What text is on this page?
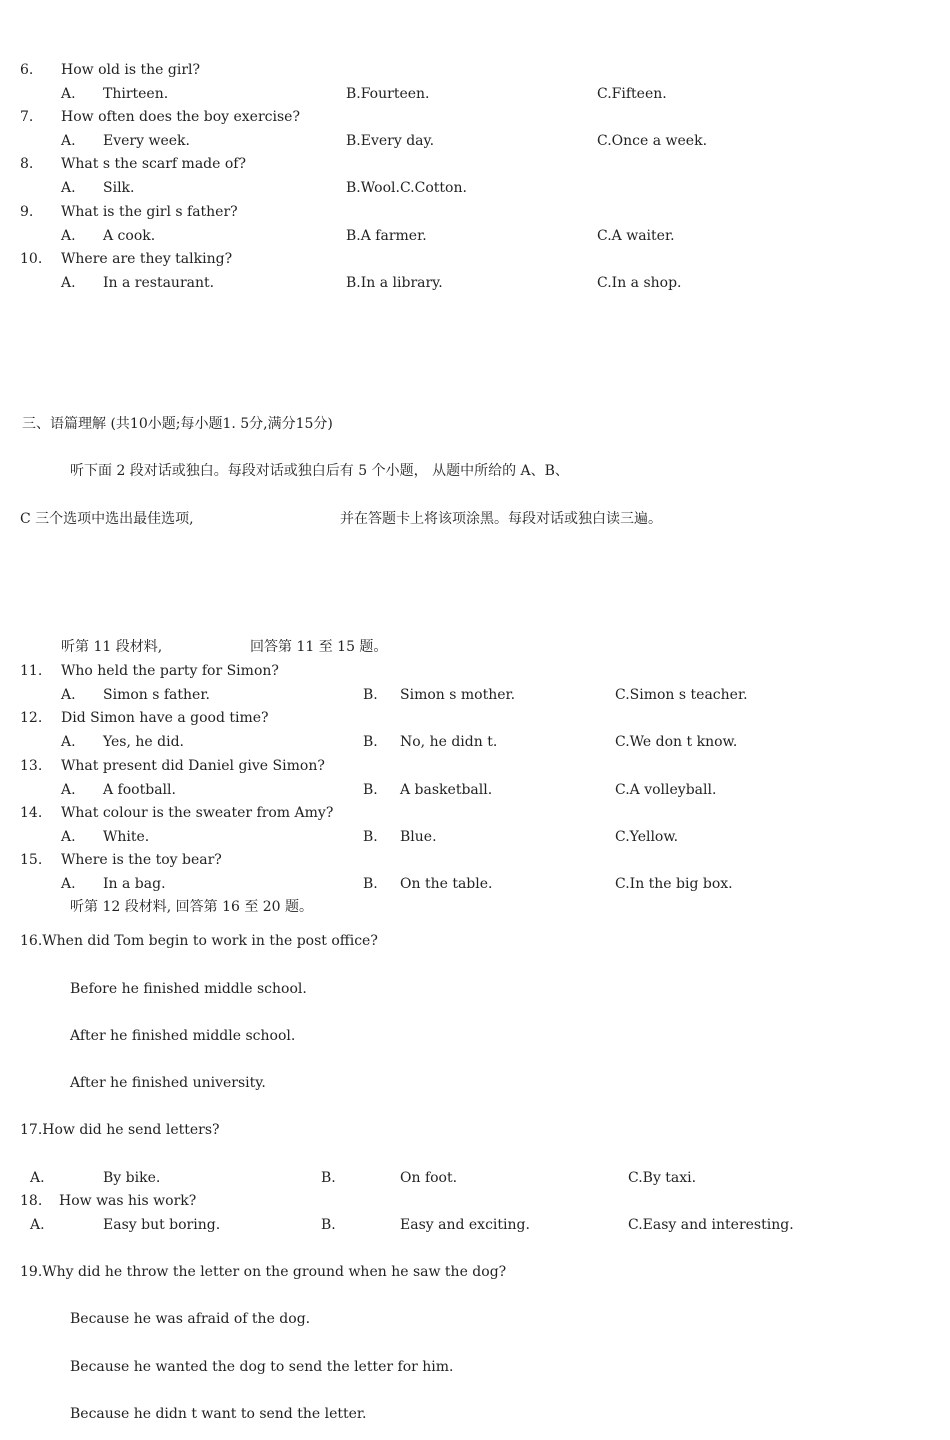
6. How old is the girl?
A. Thirteen.	B.Fourteen.	C.Fifteen.
7. How often does the boy exercise?
A. Every week.	B.Every day.	C.Once a week.
8. What s the scarf made of?
A. Silk.	B.Wool.C.Cotton.
9. What is the girl s father?
A. A cook.	B.A farmer.	C.A waiter.
10. Where are they talking?
A. In a restaurant.	B.In a library.	C.In a shop.
三、语篇理解 (共10小题;每小题1. 5分,满分15分)
听下面 2 段对话或独白。每段对话或独白后有 5 个小题， 从题中所给的 A、B、
C 三个选项中选出最佳选项,	并在答题卡上将该项涂黑。每段对话或独白读三遍。
听第 11 段材料,	回答第 11 至 15 题。
11. Who held the party for Simon?
A. Simon s father.	B. Simon s mother.	C.Simon s teacher.
12. Did Simon have a good time?
A. Yes, he did.	B. No, he didn t.	C.We don t know.
13. What present did Daniel give Simon?
A. A football.	B. A basketball.	C.A volleyball.
14. What colour is the sweater from Amy?
A. White.	B. Blue.	C.Yellow.
15. Where is the toy bear?
A. In a bag.	B. On the table.	C.In the big box.
听第 12 段材料, 回答第 16 至 20 题。
16.When did Tom begin to work in the post office?
Before he finished middle school.
After he finished middle school.
After he finished university.
17.How did he send letters?
A.	By bike.	B.	On foot.	C.By taxi.
18. How was his work?
A.	Easy but boring.	B.	Easy and exciting.	C.Easy and interesting.
19.Why did he throw the letter on the ground when he saw the dog?
Because he was afraid of the dog.
Because he wanted the dog to send the letter for him.
Because he didn t want to send the letter.
